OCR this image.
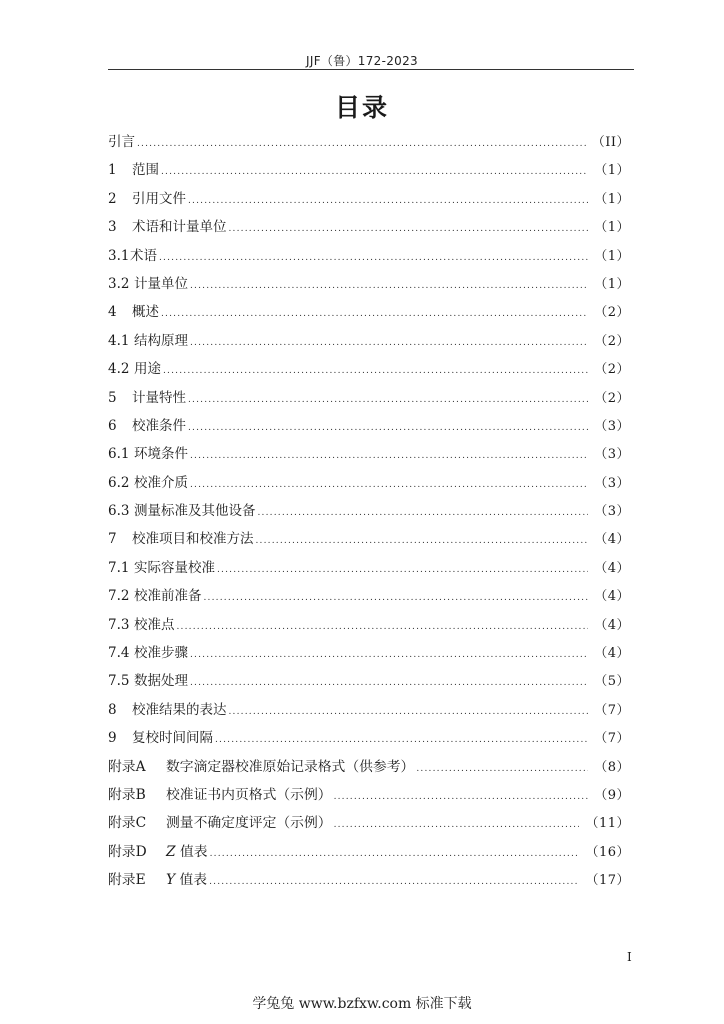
JJF（鲁）172-2023
目录
引言 .....	（II）
1	范围 .....	（1）
2	引用文件 .....	（1）
3	术语和计量单位 .....	（1）
3.1 术语 .....	（1）
3.2 计量单位 .....	（1）
4	概述 .....	（2）
4.1 结构原理 .....	（2）
4.2 用途 .....	（2）
5	计量特性 .....	（2）
6	校准条件 .....	（3）
6.1 环境条件 .....	（3）
6.2 校准介质 .....	（3）
6.3 测量标准及其他设备 .....	（3）
7	校准项目和校准方法 .....	（4）
7.1 实际容量校准 .....	（4）
7.2 校准前准备 .....	（4）
7.3 校准点 .....	（4）
7.4 校准步骤 .....	（4）
7.5 数据处理 .....	（5）
8	校准结果的表达 .....	（7）
9	复校时间间隔 .....	（7）
附录A	数字滴定器校准原始记录格式（供参考） .....	（8）
附录B	校准证书内页格式（示例） .....	（9）
附录C	测量不确定度评定（示例） .....	（11）
附录D	Z 值表 .....	（16）
附录E	Y 值表 .....	（17）
I
学兔兔 www.bzfxw.com 标准下载
